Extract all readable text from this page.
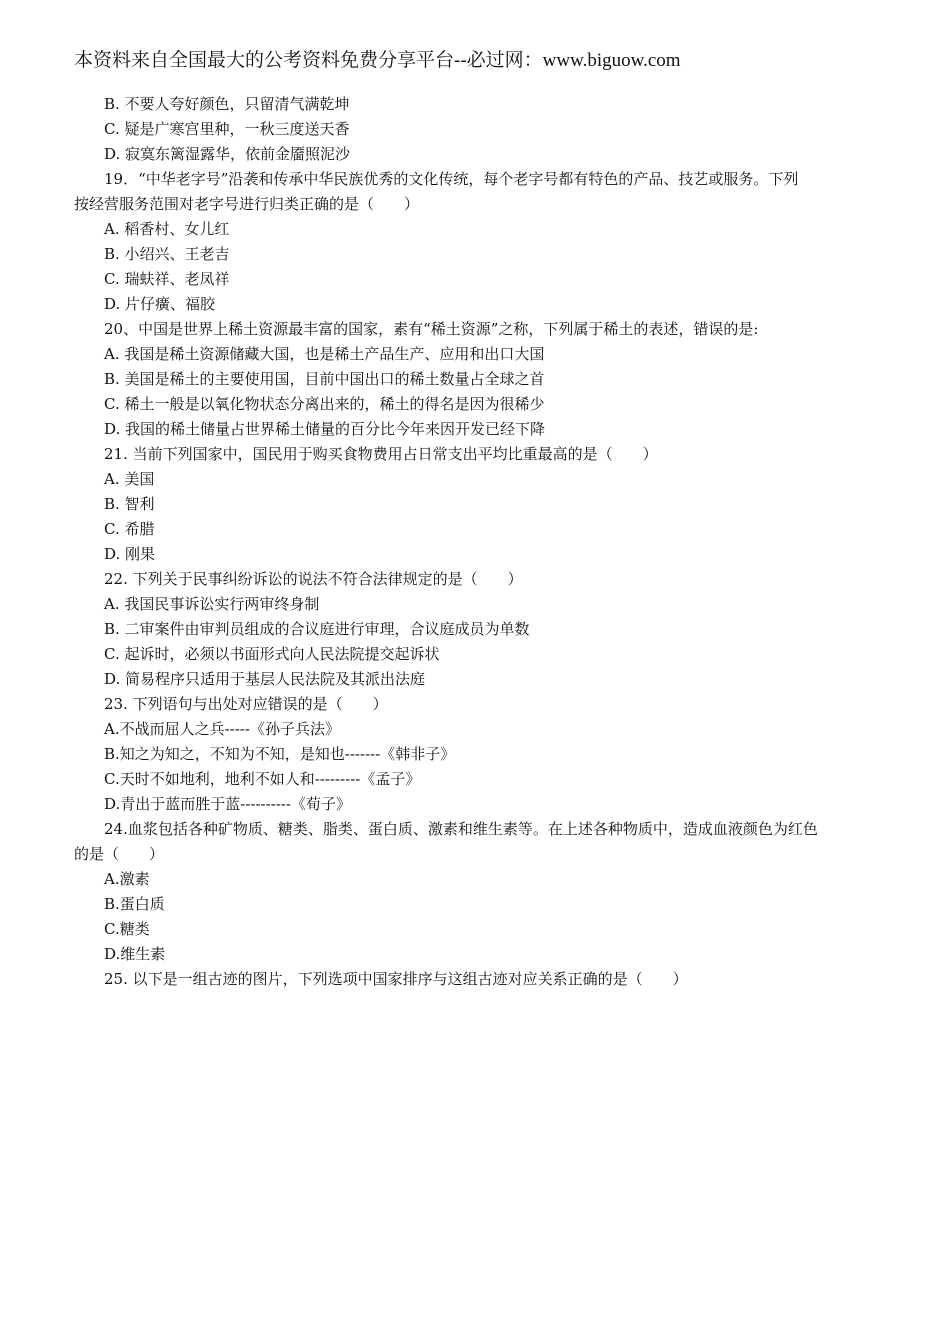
本资料来自全国最大的公考资料免费分享平台--必过网：www.biguow.com
B. 不要人夸好颜色，只留清气满乾坤
C. 疑是广寒宫里种，一秋三度送天香
D. 寂寞东篱湿露华，依前金靥照泥沙
19．“中华老字号”沿袭和传承中华民族优秀的文化传统，每个老字号都有特色的产品、技艺或服务。下列
按经营服务范围对老字号进行归类正确的是（　　）
A. 稻香村、女儿红
B. 小绍兴、王老吉
C. 瑞蚨祥、老凤祥
D. 片仔癀、福胶
20、中国是世界上稀土资源最丰富的国家，素有“稀土资源”之称，下列属于稀土的表述，错误的是:
A. 我国是稀土资源储藏大国，也是稀土产品生产、应用和出口大国
B. 美国是稀土的主要使用国，目前中国出口的稀土数量占全球之首
C. 稀土一般是以氧化物状态分离出来的，稀土的得名是因为很稀少
D. 我国的稀土储量占世界稀土储量的百分比今年来因开发已经下降
21. 当前下列国家中，国民用于购买食物费用占日常支出平均比重最高的是（　　）
A. 美国
B. 智利
C. 希腊
D. 刚果
22. 下列关于民事纠纷诉讼的说法不符合法律规定的是（　　）
A. 我国民事诉讼实行两审终身制
B. 二审案件由审判员组成的合议庭进行审理，合议庭成员为单数
C. 起诉时，必须以书面形式向人民法院提交起诉状
D. 简易程序只适用于基层人民法院及其派出法庭
23. 下列语句与出处对应错误的是（　　）
A.不战而屈人之兵-----《孙子兵法》
B.知之为知之，不知为不知，是知也-------《韩非子》
C.天时不如地利，地利不如人和---------《孟子》
D.青出于蓝而胜于蓝----------《荀子》
24.血浆包括各种矿物质、糖类、脂类、蛋白质、激素和维生素等。在上述各种物质中，造成血液颜色为红色
的是（　　）
A.激素
B.蛋白质
C.糖类
D.维生素
25. 以下是一组古迹的图片，下列选项中国家排序与这组古迹对应关系正确的是（　　）
